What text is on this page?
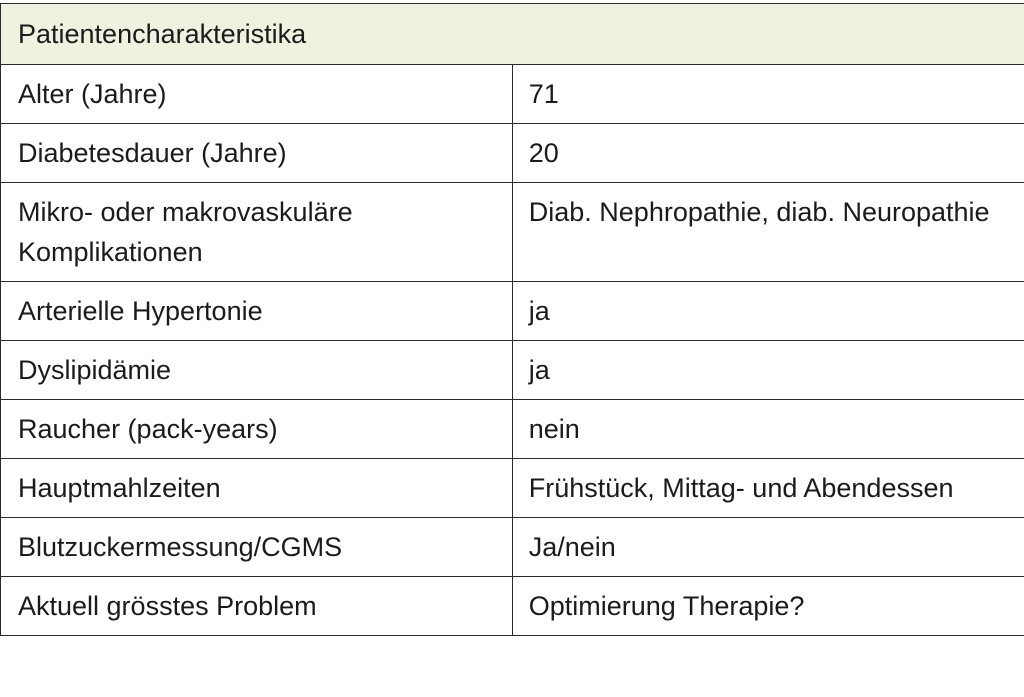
Patientencharakteristika	
Alter (Jahre)	71
Diabetesdauer (Jahre)	20
Mikro- oder makrovaskuläre Komplikationen	Diab. Nephropathie, diab. Neuropathie
Arterielle Hypertonie	ja
Dyslipidämie	ja
Raucher (pack-years)	nein
Hauptmahlzeiten	Frühstück, Mittag- und Abendessen
Blutzuckermessung/CGMS	Ja/nein
Aktuell grösstes Problem	Optimierung Therapie?
